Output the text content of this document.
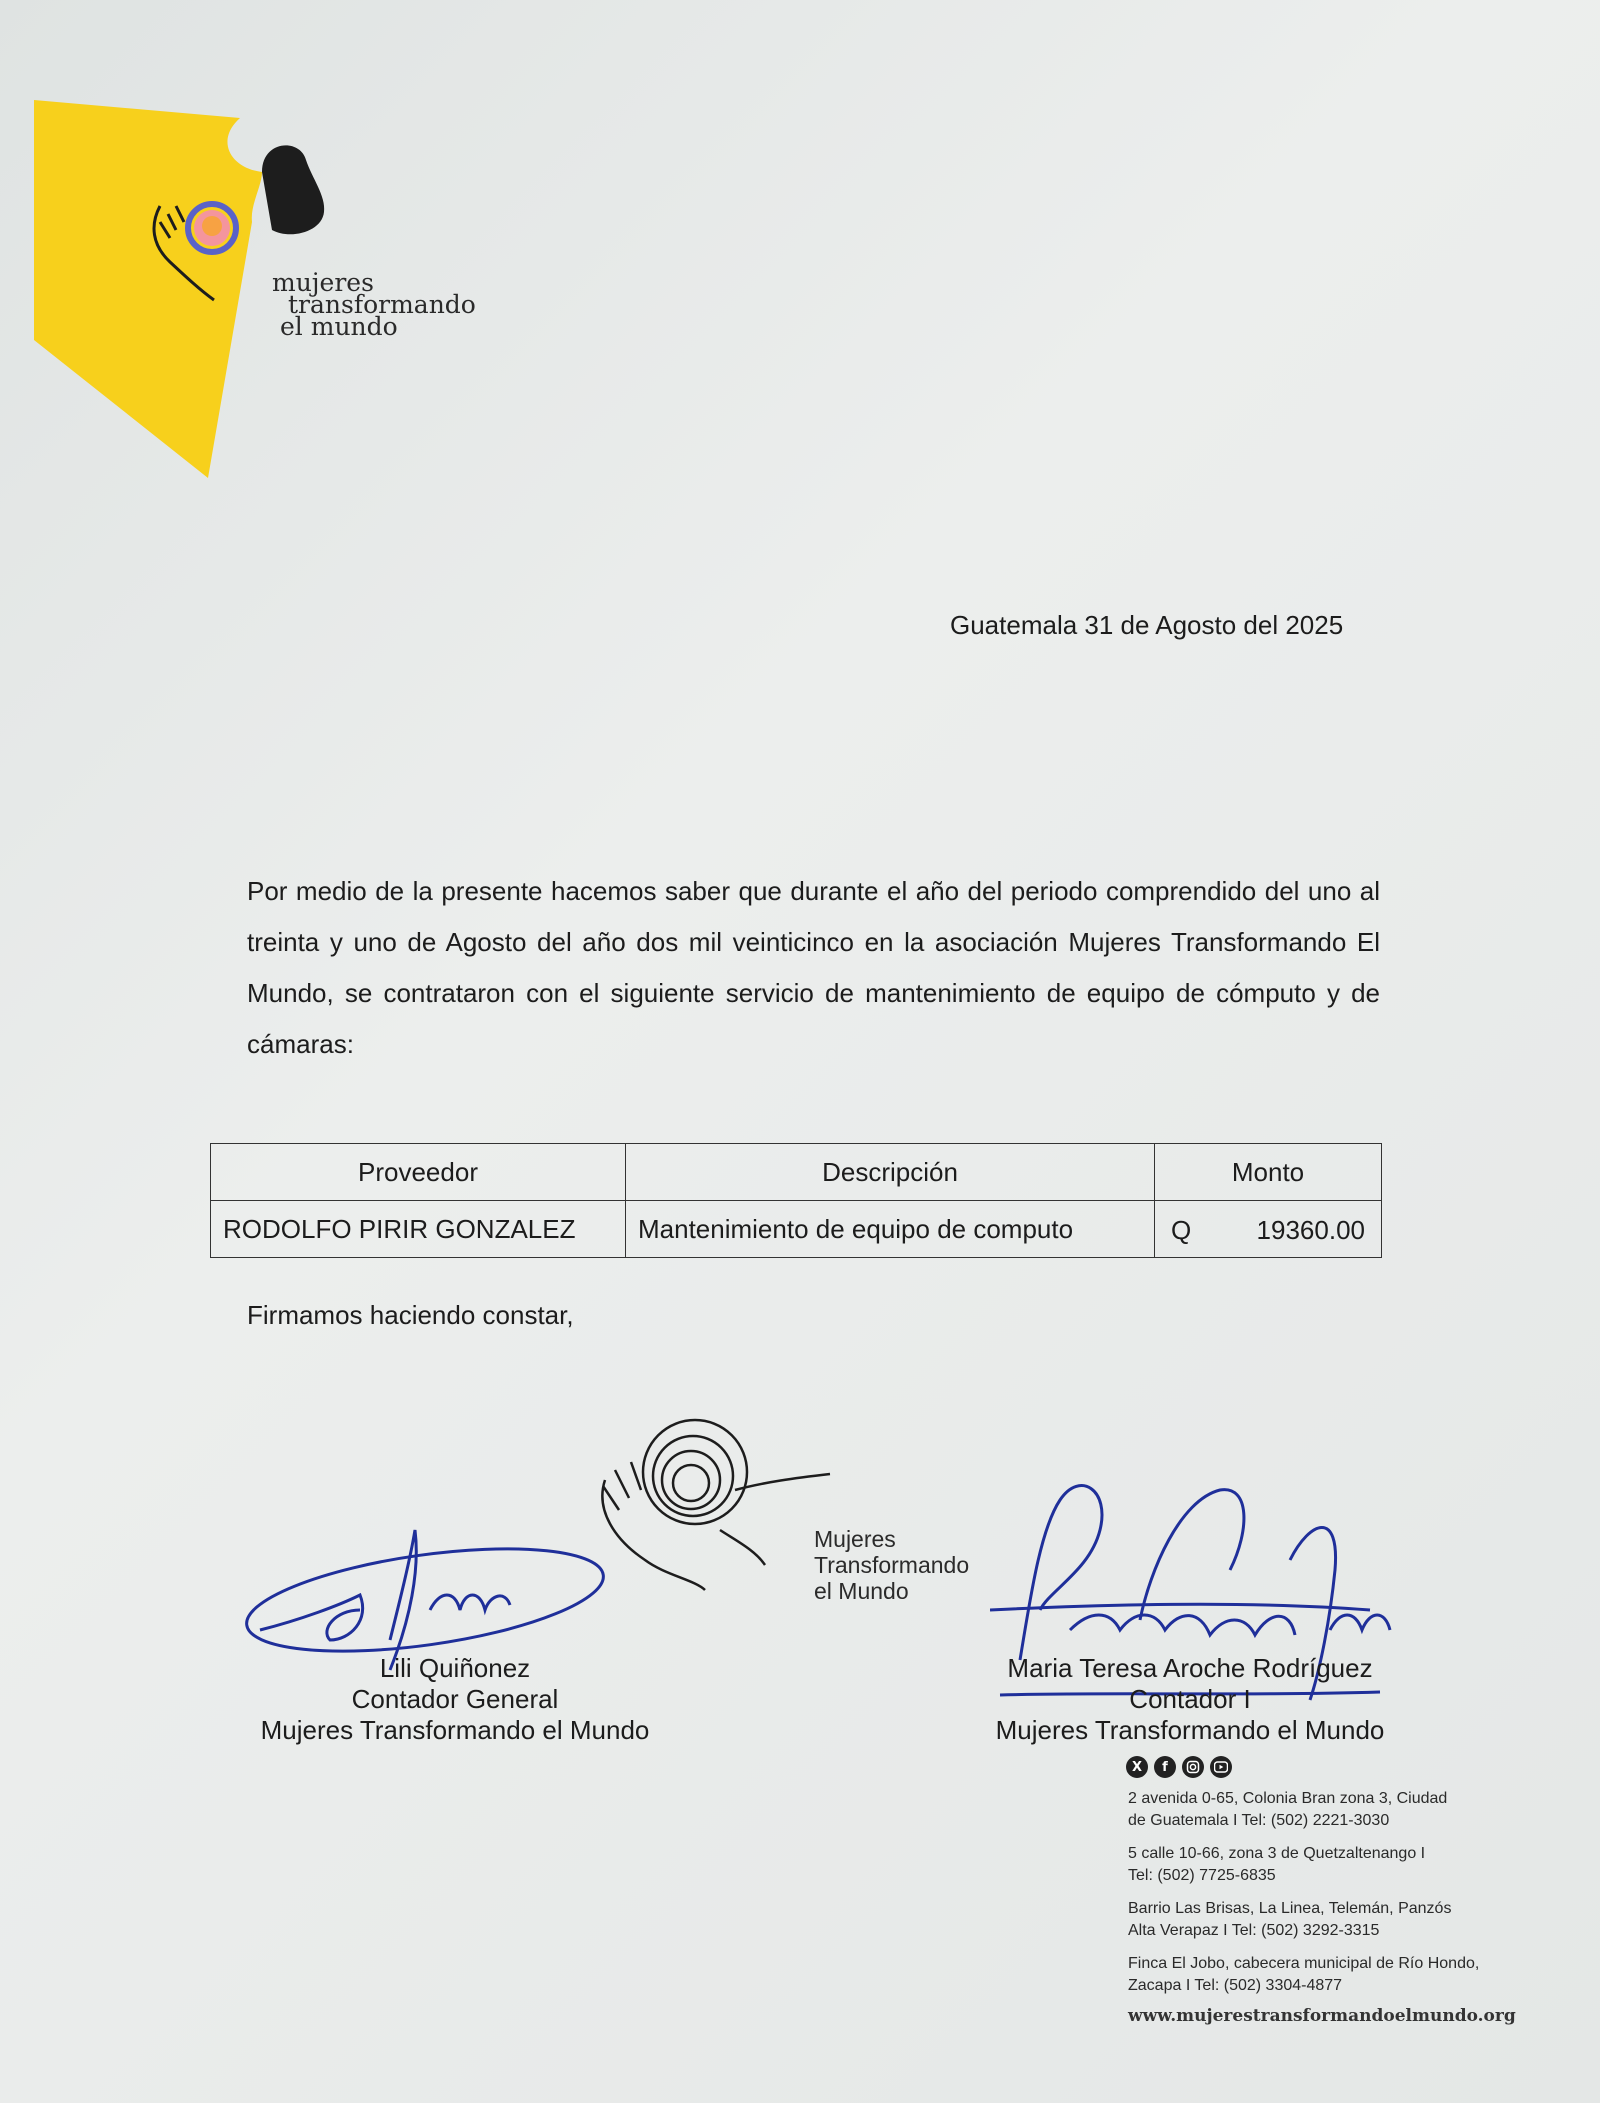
mujeres
transformando
el mundo
Guatemala 31 de Agosto del 2025
Por medio de la presente hacemos saber que durante el año del periodo comprendido del uno al treinta y uno de Agosto del año dos mil veinticinco en la asociación Mujeres Transformando El Mundo, se contrataron con el siguiente servicio de mantenimiento de equipo de cómputo y de cámaras:
Proveedor	Descripción	Monto
RODOLFO PIRIR GONZALEZ	Mantenimiento de equipo de computo	Q 19360.00
Firmamos haciendo constar,
Mujeres
Transformando
el Mundo
Lili Quiñonez
Contador General
Mujeres Transformando el Mundo
Maria Teresa Aroche Rodríguez
Contador I
Mujeres Transformando el Mundo
X	f
2 avenida 0-65, Colonia Bran zona 3, Ciudad
de Guatemala I Tel: (502) 2221-3030
5 calle 10-66, zona 3 de Quetzaltenango I
Tel: (502) 7725-6835
Barrio Las Brisas, La Linea, Telemán, Panzós
Alta Verapaz I Tel: (502) 3292-3315
Finca El Jobo, cabecera municipal de Río Hondo,
Zacapa I Tel: (502) 3304-4877
www.mujerestransformandoelmundo.org
